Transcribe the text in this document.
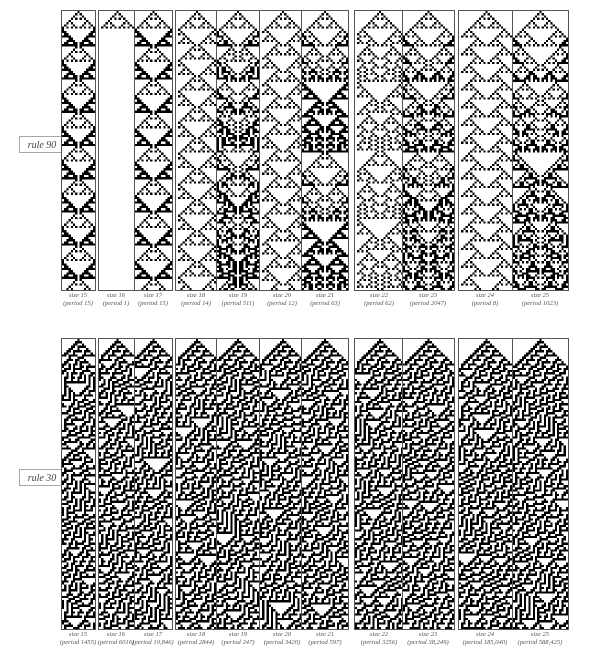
rule 90
size 15
(period 15)
size 16
(period 1)
size 17
(period 15)
size 18
(period 14)
size 19
(period 511)
size 20
(period 12)
size 21
(period 63)
size 22
(period 62)
size 23
(period 2047)
size 24
(period 8)
size 25
(period 1023)
rule 30
size 15
(period 1455)
size 16
(period 6016)
size 17
(period 10,846)
size 18
(period 2844)
size 19
(period 247)
size 20
(period 3420)
size 21
(period 597)
size 22
(period 3256)
size 23
(period 38,249)
size 24
(period 185,040)
size 25
(period 588,425)
